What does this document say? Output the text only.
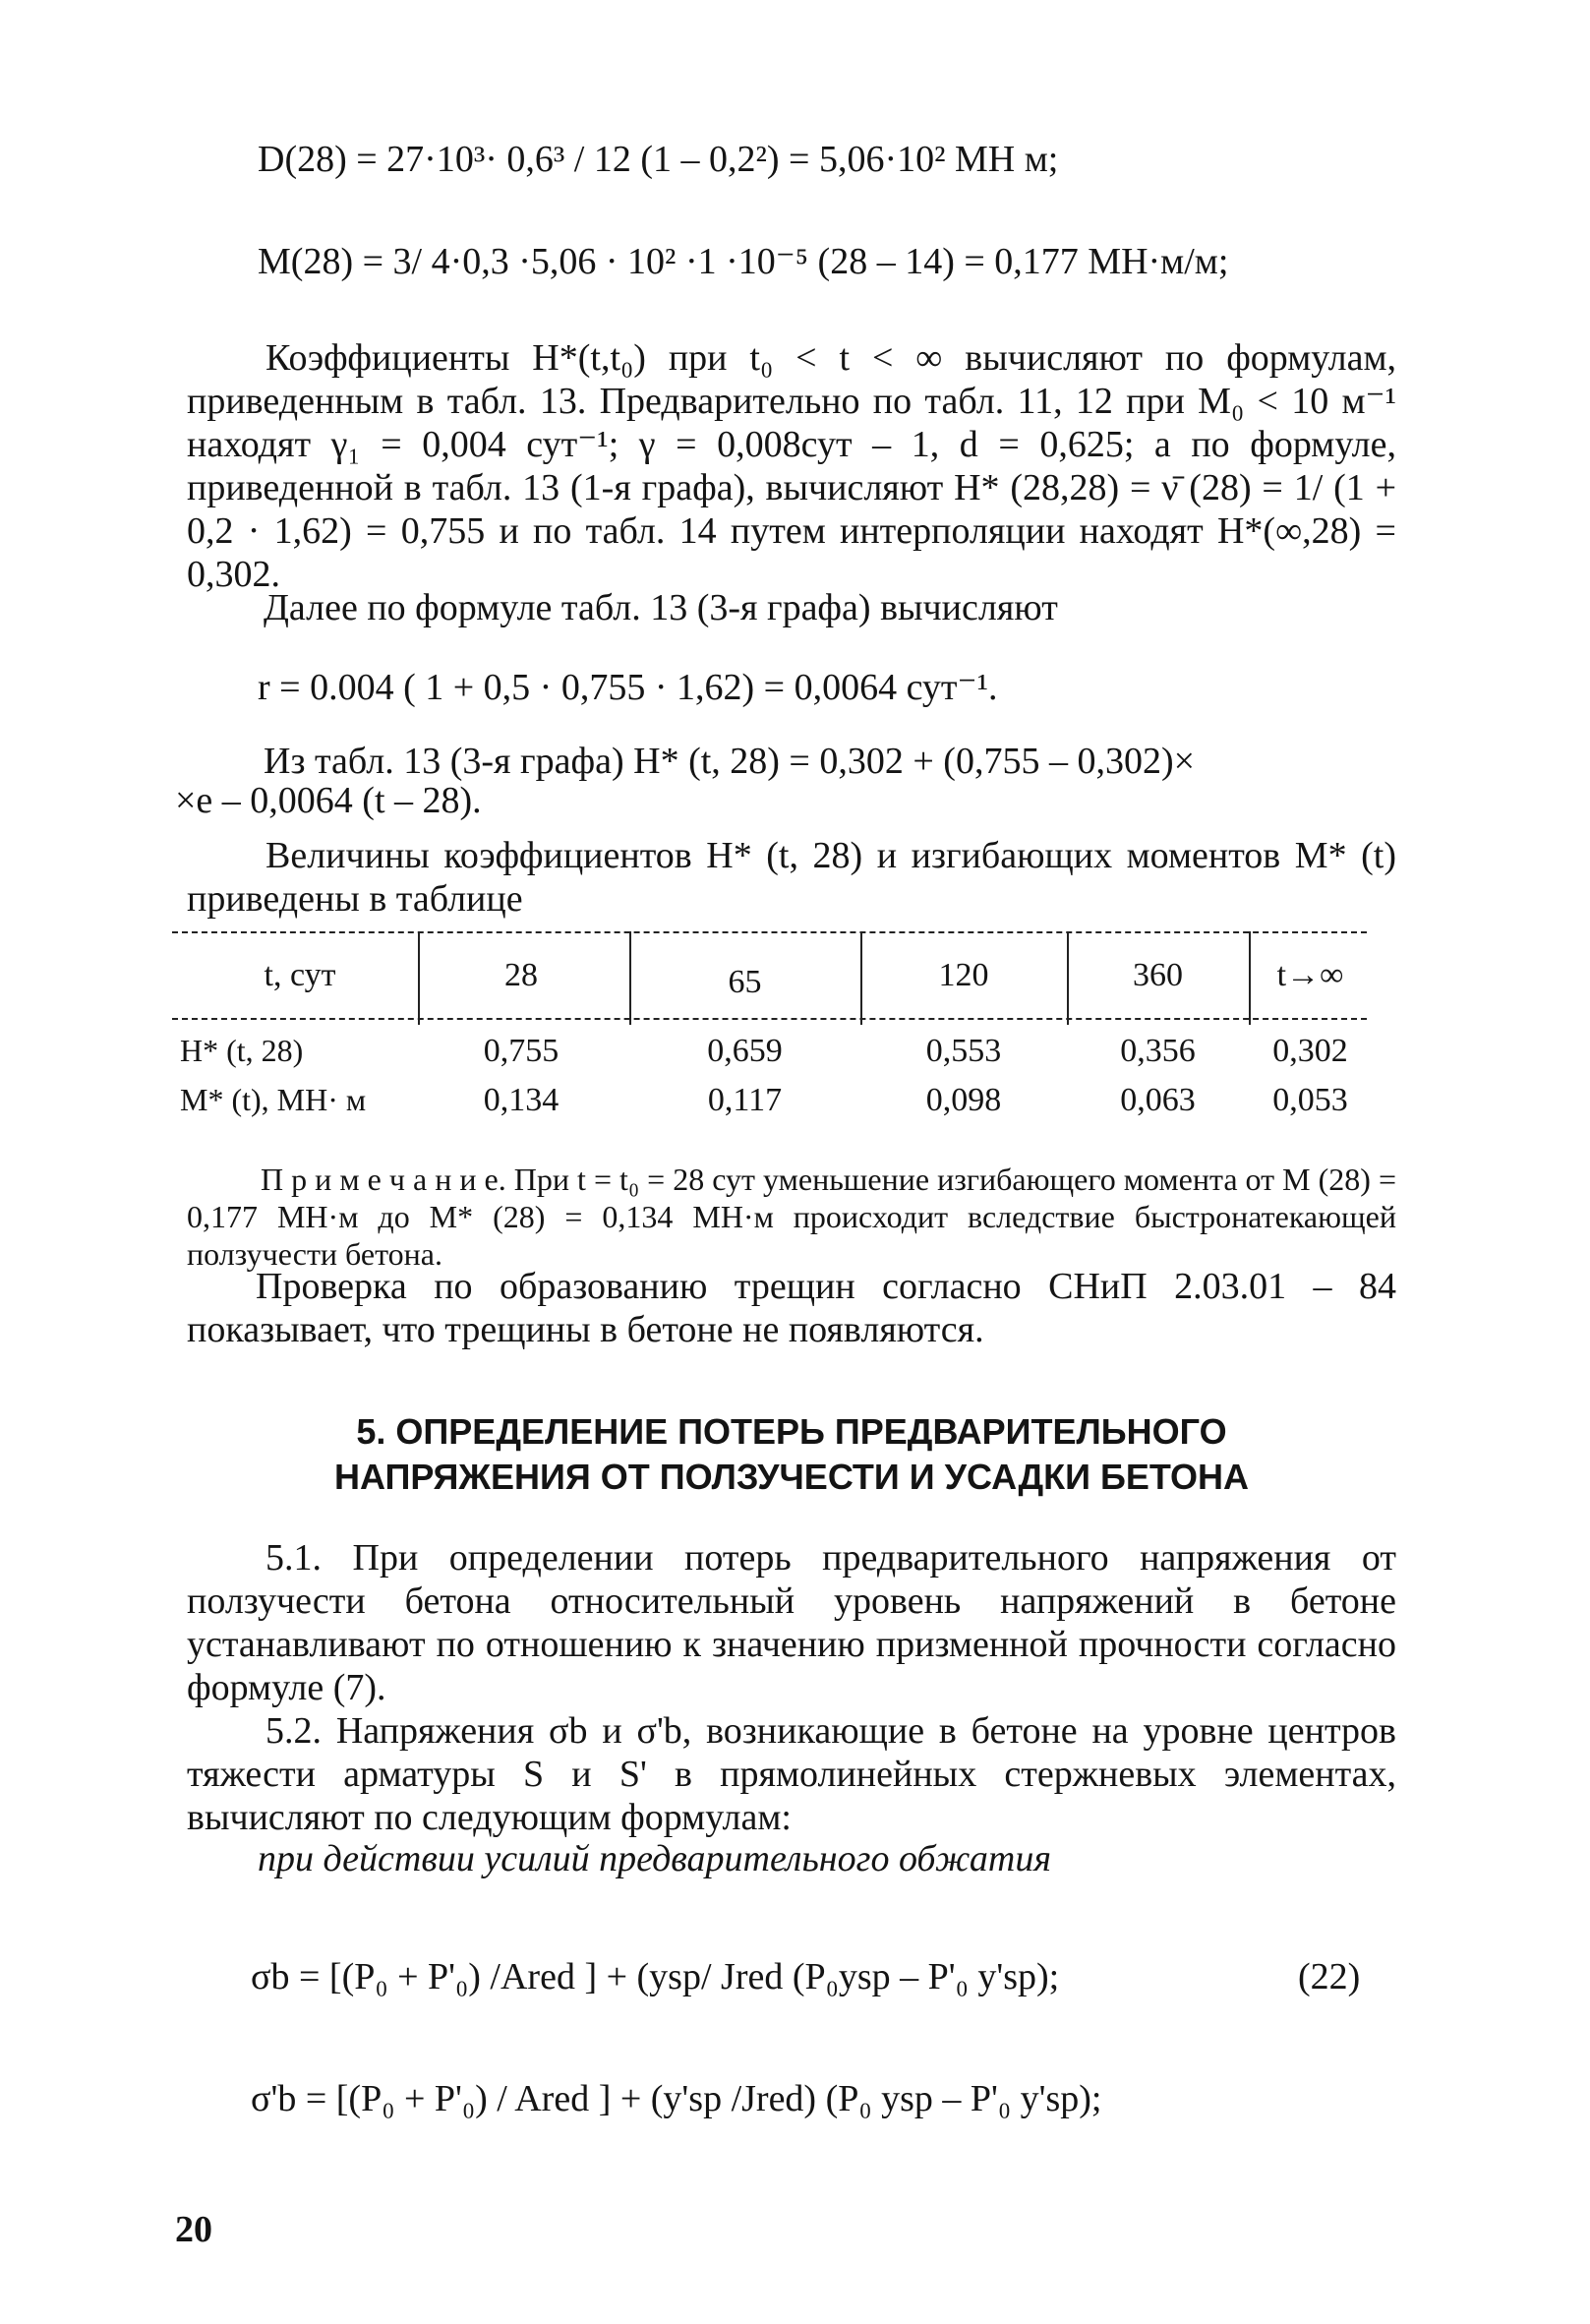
D(28) = 27·10³· 0,6³ / 12 (1 – 0,2²) = 5,06·10² МН м;
M(28) = 3/ 4·0,3 ·5,06 · 10² ·1 ·10⁻⁵ (28 – 14) = 0,177 МН·м/м;
Коэффициенты H*(t,t₀) при t₀ < t < ∞ вычисляют по формулам, приведенным в табл. 13. Предварительно по табл. 11, 12 при M₀ < 10 м⁻¹ находят γ₁ = 0,004 сут⁻¹; γ = 0,008сут – 1, d = 0,625; а по формуле, приведенной в табл. 13 (1-я графа), вычисляют H* (28,28) = ν̄ (28) = 1/ (1 + 0,2 · 1,62) = 0,755 и по табл. 14 путем интерполяции находят H*(∞,28) = 0,302.
Далее по формуле табл. 13 (3-я графа) вычисляют
r = 0.004 ( 1 + 0,5 · 0,755 · 1,62) = 0,0064 сут⁻¹.
Из табл. 13 (3-я графа) H* (t, 28) = 0,302 + (0,755 – 0,302)×
×e – 0,0064 (t – 28).
Величины коэффициентов H* (t, 28) и изгибающих моментов M* (t) приведены в таблице
t, сут	28	65	120	360	t→∞
H* (t, 28)	0,755	0,659	0,553	0,356	0,302
M* (t), МН· м	0,134	0,117	0,098	0,063	0,053
П р и м е ч а н и е. При t = t₀ = 28 сут уменьшение изгибающего момента от M (28) = 0,177 МН·м до M* (28) = 0,134 МН·м происходит вследствие быстронатекающей ползучести бетона.
Проверка по образованию трещин согласно СНиП 2.03.01 – 84 показывает, что трещины в бетоне не появляются.
5. ОПРЕДЕЛЕНИЕ ПОТЕРЬ ПРЕДВАРИТЕЛЬНОГО
НАПРЯЖЕНИЯ ОТ ПОЛЗУЧЕСТИ И УСАДКИ БЕТОНА
5.1. При определении потерь предварительного напряжения от ползучести бетона относительный уровень напряжений в бетоне устанавливают по отношению к значению призменной прочности согласно формуле (7).
5.2. Напряжения σb и σ'b, возникающие в бетоне на уровне центров тяжести арматуры S и S' в прямолинейных стержневых элементах, вычисляют по следующим формулам:
при действии усилий предварительного обжатия
σb = [(P₀ + P'₀) /Ared ] + (ysp/ Jred (P₀ysp – P'₀ y'sp);	(22)
σ'b = [(P₀ + P'₀) / Ared ] + (y'sp /Jred) (P₀ ysp – P'₀ y'sp);
20
